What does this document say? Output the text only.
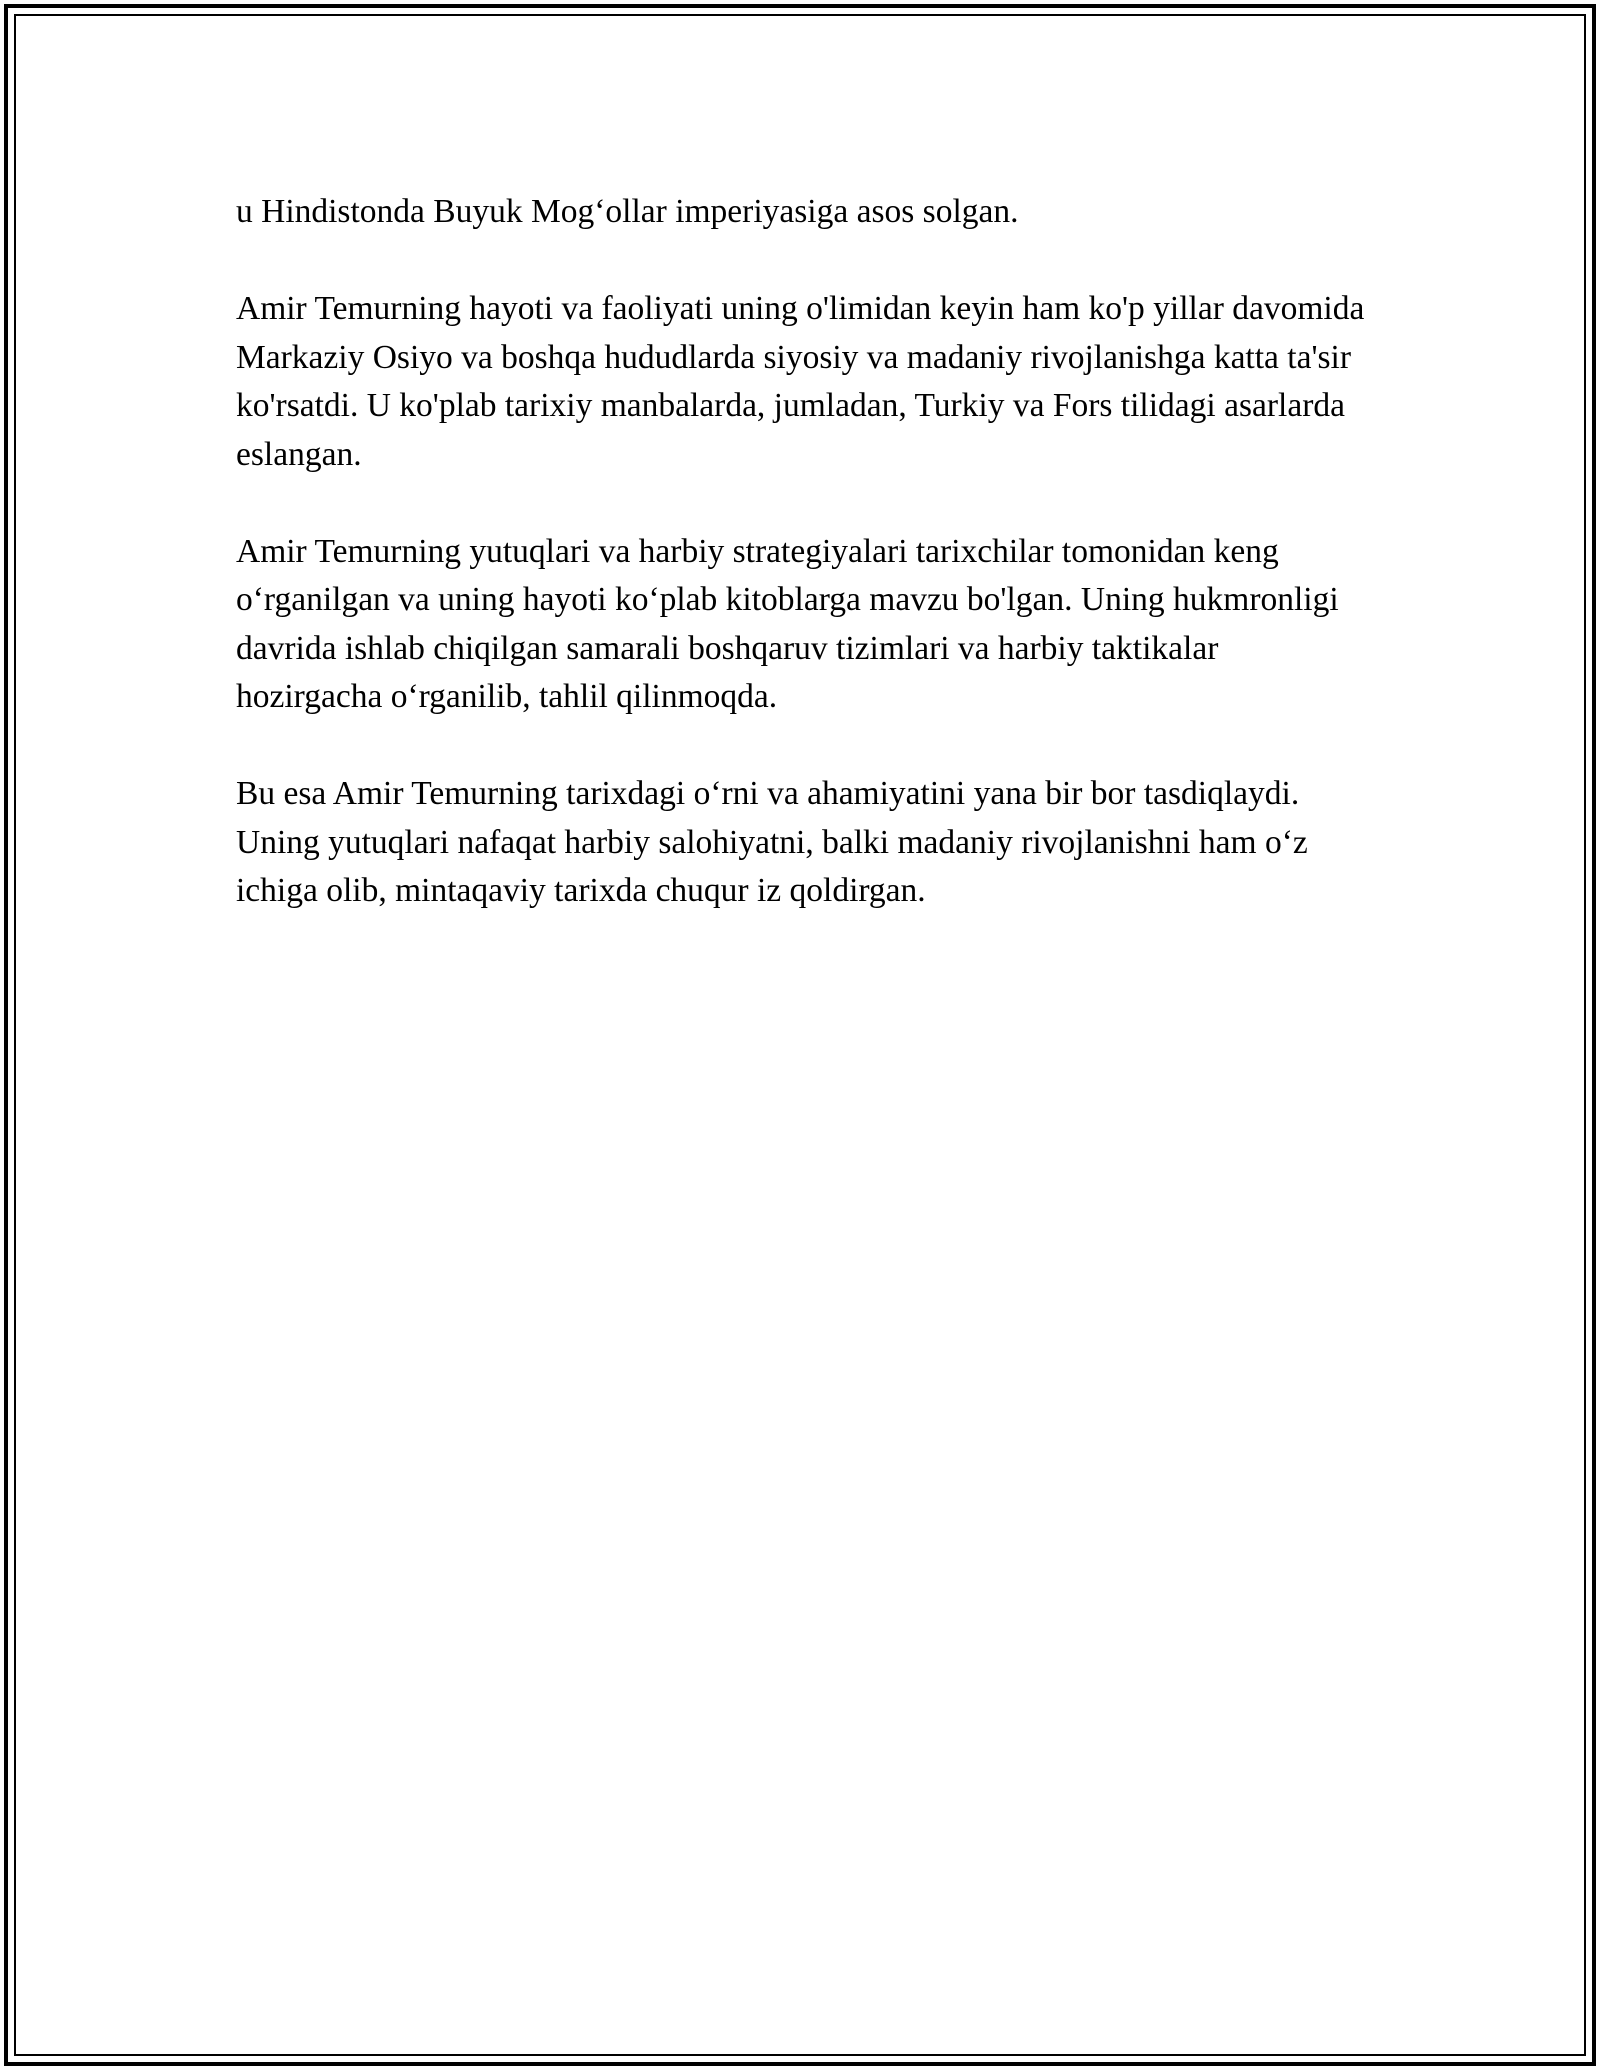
u Hindistonda Buyuk Mog‘ollar imperiyasiga asos solgan.

Amir Temurning hayoti va faoliyati uning o'limidan keyin ham ko'p yillar davomida Markaziy Osiyo va boshqa hududlarda siyosiy va madaniy rivojlanishga katta ta'sir ko'rsatdi. U ko'plab tarixiy manbalarda, jumladan, Turkiy va Fors tilidagi asarlarda eslangan.

Amir Temurning yutuqlari va harbiy strategiyalari tarixchilar tomonidan keng o‘rganilgan va uning hayoti ko‘plab kitoblarga mavzu bo'lgan. Uning hukmronligi davrida ishlab chiqilgan samarali boshqaruv tizimlari va harbiy taktikalar hozirgacha o‘rganilib, tahlil qilinmoqda.

Bu esa Amir Temurning tarixdagi o‘rni va ahamiyatini yana bir bor tasdiqlaydi. Uning yutuqlari nafaqat harbiy salohiyatni, balki madaniy rivojlanishni ham o‘z ichiga olib, mintaqaviy tarixda chuqur iz qoldirgan.
